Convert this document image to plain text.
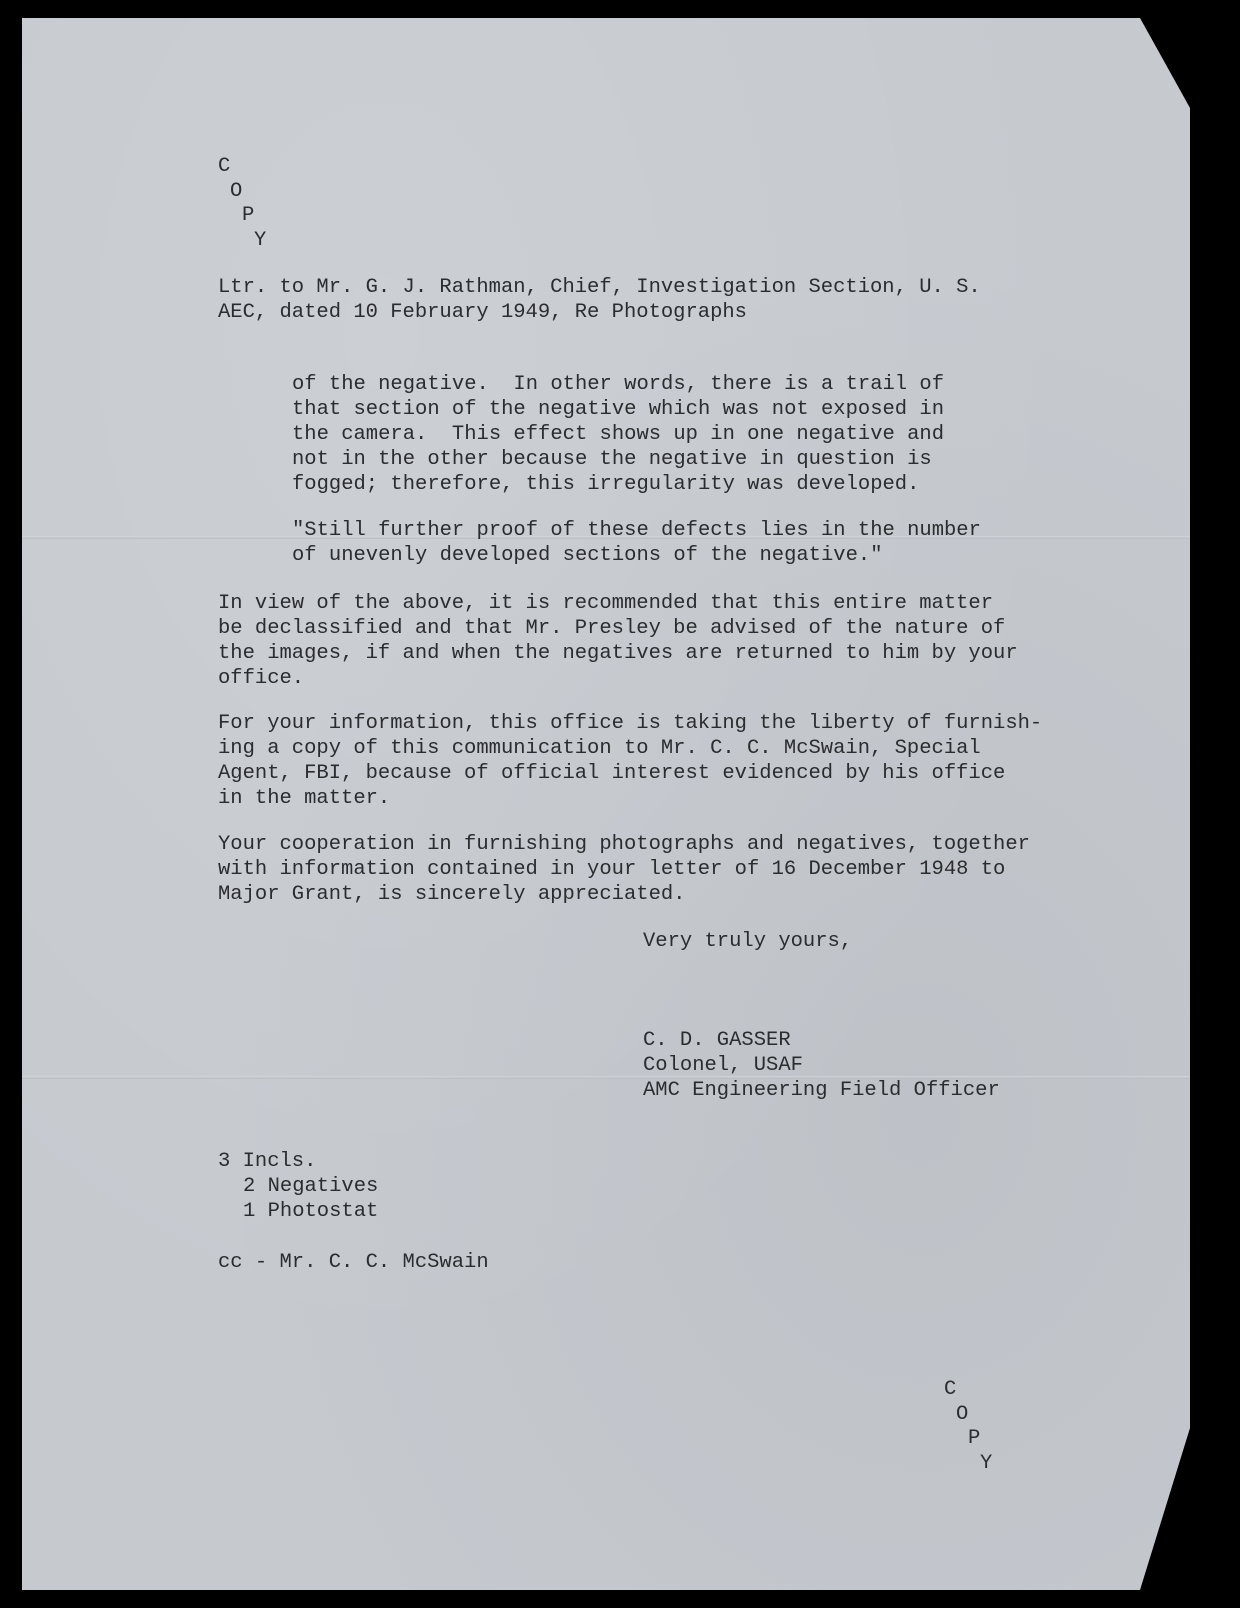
C
O
P
Y
Ltr. to Mr. G. J. Rathman, Chief, Investigation Section, U. S.
AEC, dated 10 February 1949, Re Photographs
of the negative.  In other words, there is a trail of
that section of the negative which was not exposed in
the camera.  This effect shows up in one negative and
not in the other because the negative in question is
fogged; therefore, this irregularity was developed.
"Still further proof of these defects lies in the number
of unevenly developed sections of the negative."
In view of the above, it is recommended that this entire matter
be declassified and that Mr. Presley be advised of the nature of
the images, if and when the negatives are returned to him by your
office.
For your information, this office is taking the liberty of furnish-
ing a copy of this communication to Mr. C. C. McSwain, Special
Agent, FBI, because of official interest evidenced by his office
in the matter.
Your cooperation in furnishing photographs and negatives, together
with information contained in your letter of 16 December 1948 to
Major Grant, is sincerely appreciated.
Very truly yours,
C. D. GASSER
Colonel, USAF
AMC Engineering Field Officer
3 Incls.
2 Negatives
1 Photostat
cc - Mr. C. C. McSwain
C
O
P
Y
